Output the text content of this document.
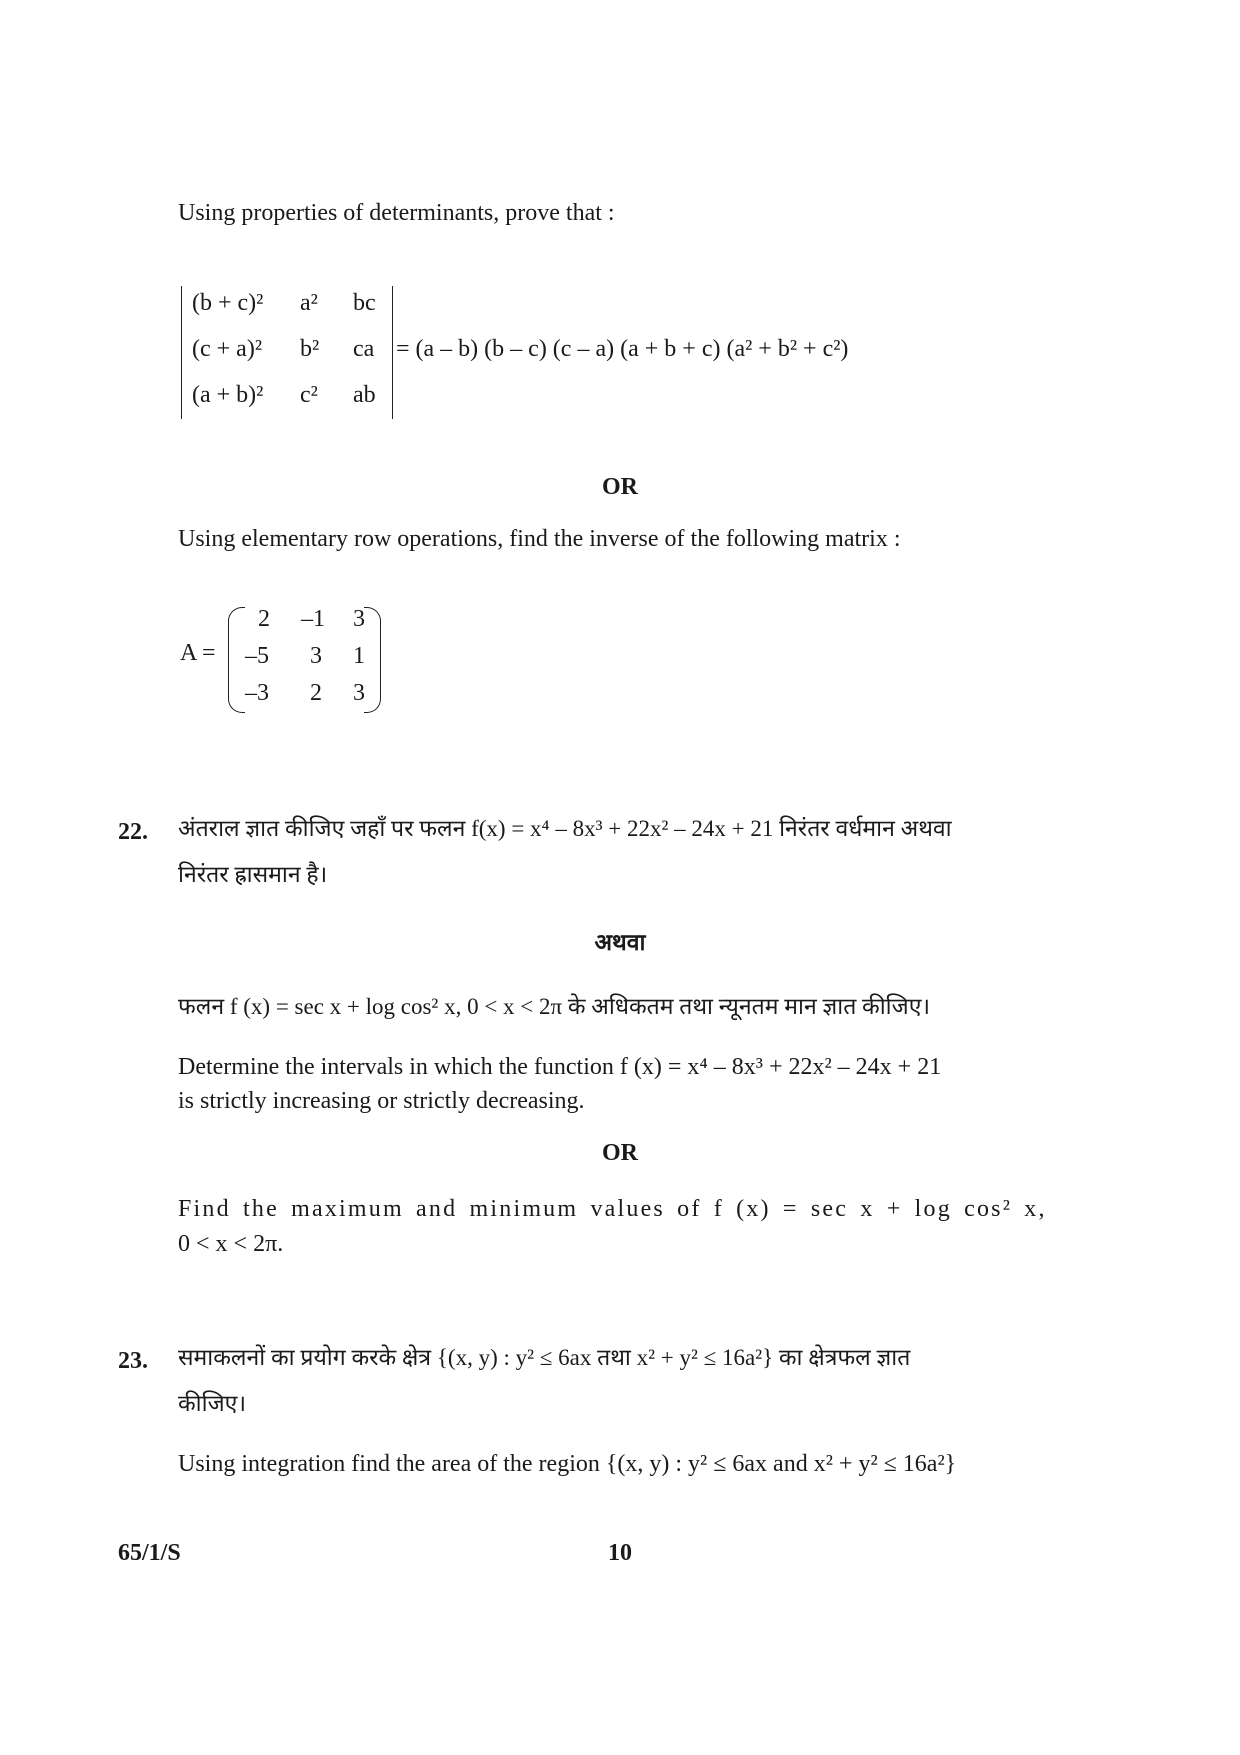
Using properties of determinants, prove that :
(b + c)² a² bc
(c + a)² b² ca
(a + b)² c² ab
= (a – b) (b – c) (c – a) (a + b + c) (a² + b² + c²)
OR
Using elementary row operations, find the inverse of the following matrix :
A =
2 –1 3
–5 3 1
–3 2 3
22. अंतराल ज्ञात कीजिए जहाँ पर फलन f(x) = x⁴ – 8x³ + 22x² – 24x + 21 निरंतर वर्धमान अथवा
निरंतर ह्रासमान है।
अथवा
फलन f (x) = sec x + log cos² x, 0 < x < 2π के अधिकतम तथा न्यूनतम मान ज्ञात कीजिए।
Determine the intervals in which the function f (x) = x⁴ – 8x³ + 22x² – 24x + 21
is strictly increasing or strictly decreasing.
OR
Find the maximum and minimum values of f (x) = sec x + log cos² x,
0 < x < 2π.
23. समाकलनों का प्रयोग करके क्षेत्र {(x, y) : y² ≤ 6ax तथा x² + y² ≤ 16a²} का क्षेत्रफल ज्ञात
कीजिए।
Using integration find the area of the region {(x, y) : y² ≤ 6ax and x² + y² ≤ 16a²}
65/1/S	10
